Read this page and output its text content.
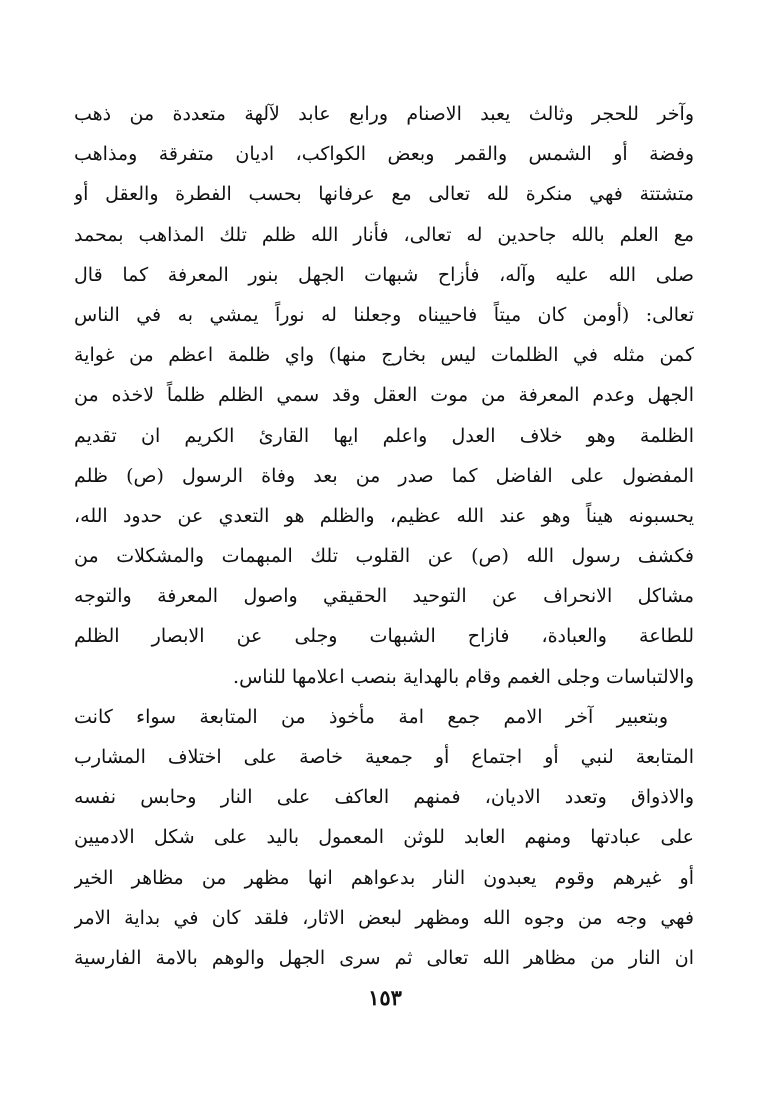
وآخر للحجر وثالث يعبد الاصنام ورابع عابد لآلهة متعددة من ذهب
وفضة أو الشمس والقمر وبعض الكواكب، اديان متفرقة ومذاهب
متشتتة فهي منكرة لله تعالى مع عرفانها بحسب الفطرة والعقل أو
مع العلم بالله جاحدين له تعالى، فأنار الله ظلم تلك المذاهب بمحمد
صلى الله عليه وآله، فأزاح شبهات الجهل بنور المعرفة كما قال
تعالى: (أومن كان ميتاً فاحييناه وجعلنا له نوراً يمشي به في الناس
كمن مثله في الظلمات ليس بخارج منها) واي ظلمة اعظم من غواية
الجهل وعدم المعرفة من موت العقل وقد سمي الظلم ظلماً لاخذه من
الظلمة وهو خلاف العدل واعلم ايها القارئ الكريم ان تقديم
المفضول على الفاضل كما صدر من بعد وفاة الرسول (ص) ظلم
يحسبونه هيناً وهو عند الله عظيم، والظلم هو التعدي عن حدود الله،
فكشف رسول الله (ص) عن القلوب تلك المبهمات والمشكلات من
مشاكل الانحراف عن التوحيد الحقيقي واصول المعرفة والتوجه
للطاعة والعبادة، فازاح الشبهات وجلى عن الابصار الظلم
والالتباسات وجلى الغمم وقام بالهداية بنصب اعلامها للناس.
وبتعبير آخر الامم جمع امة مأخوذ من المتابعة سواء كانت
المتابعة لنبي أو اجتماع أو جمعية خاصة على اختلاف المشارب
والاذواق وتعدد الاديان، فمنهم العاكف على النار وحابس نفسه
على عبادتها ومنهم العابد للوثن المعمول باليد على شكل الادميين
أو غيرهم وقوم يعبدون النار بدعواهم انها مظهر من مظاهر الخير
فهي وجه من وجوه الله ومظهر لبعض الاثار، فلقد كان في بداية الامر
ان النار من مظاهر الله تعالى ثم سرى الجهل والوهم بالامة الفارسية
١٥٣
